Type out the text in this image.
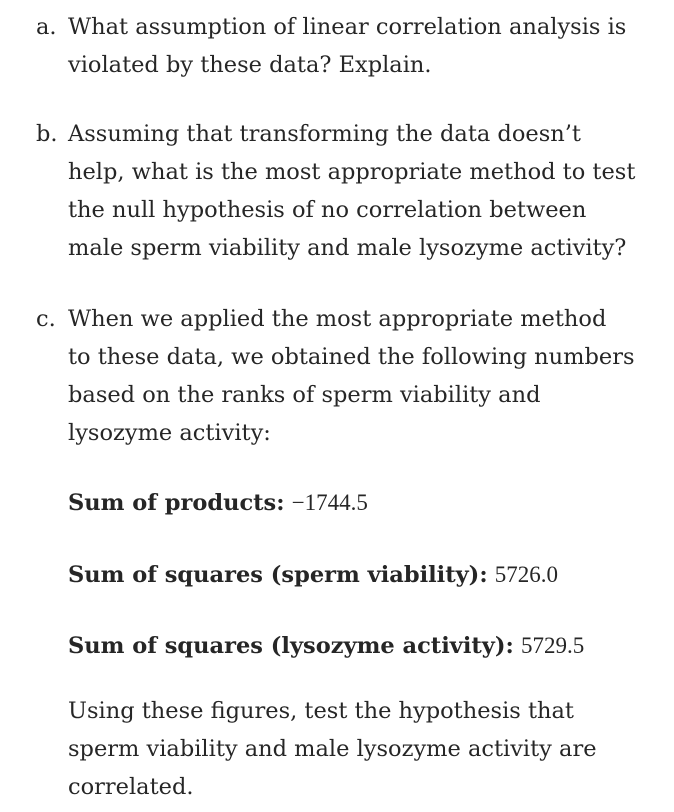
a. What assumption of linear correlation analysis is
violated by these data? Explain.
b. Assuming that transforming the data doesn’t
help, what is the most appropriate method to test
the null hypothesis of no correlation between
male sperm viability and male lysozyme activity?
c. When we applied the most appropriate method
to these data, we obtained the following numbers
based on the ranks of sperm viability and
lysozyme activity:
Sum of products: −1744.5
Sum of squares (sperm viability): 5726.0
Sum of squares (lysozyme activity): 5729.5
Using these figures, test the hypothesis that
sperm viability and male lysozyme activity are
correlated.
